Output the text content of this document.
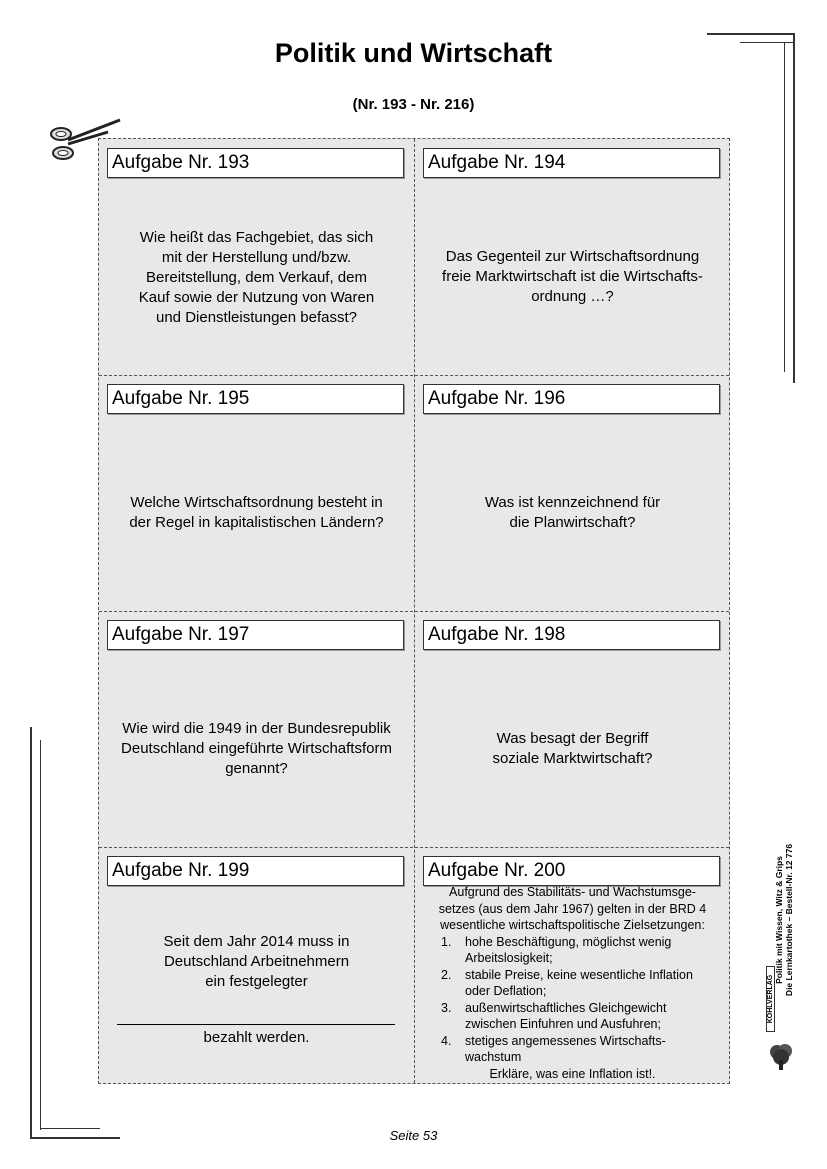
Politik und Wirtschaft
(Nr. 193 - Nr. 216)
Aufgabe Nr. 193
Wie heißt das Fachgebiet, das sich
mit der Herstellung und/bzw.
Bereitstellung, dem Verkauf, dem
Kauf sowie der Nutzung von Waren
und Dienstleistungen befasst?
Aufgabe Nr. 194
Das Gegenteil zur Wirtschaftsordnung
freie Marktwirtschaft ist die Wirtschafts-
ordnung …?
Aufgabe Nr. 195
Welche Wirtschaftsordnung besteht in
der Regel in kapitalistischen Ländern?
Aufgabe Nr. 196
Was ist kennzeichnend für
die Planwirtschaft?
Aufgabe Nr. 197
Wie wird die 1949 in der Bundesrepublik
Deutschland eingeführte Wirtschaftsform
genannt?
Aufgabe Nr. 198
Was besagt der Begriff
soziale Marktwirtschaft?
Aufgabe Nr. 199
Seit dem Jahr 2014 muss in
Deutschland Arbeitnehmern
ein festgelegter
bezahlt werden.
Aufgabe Nr. 200
Aufgrund des Stabilitäts- und Wachstumsge-
setzes (aus dem Jahr 1967) gelten in der BRD 4
wesentliche wirtschaftspolitische Zielsetzungen:
1. hohe Beschäftigung, möglichst wenig
Arbeitslosigkeit;
2. stabile Preise, keine wesentliche Inflation
oder Deflation;
3. außenwirtschaftliches Gleichgewicht
zwischen Einfuhren und Ausfuhren;
4. stetiges angemessenes Wirtschafts-
wachstum
Erkläre, was eine Inflation ist!.
Politik mit Wissen, Witz & Grips Die Lernkartothek – Bestell-Nr. 12 776
KOHLVERLAG
Seite 53
